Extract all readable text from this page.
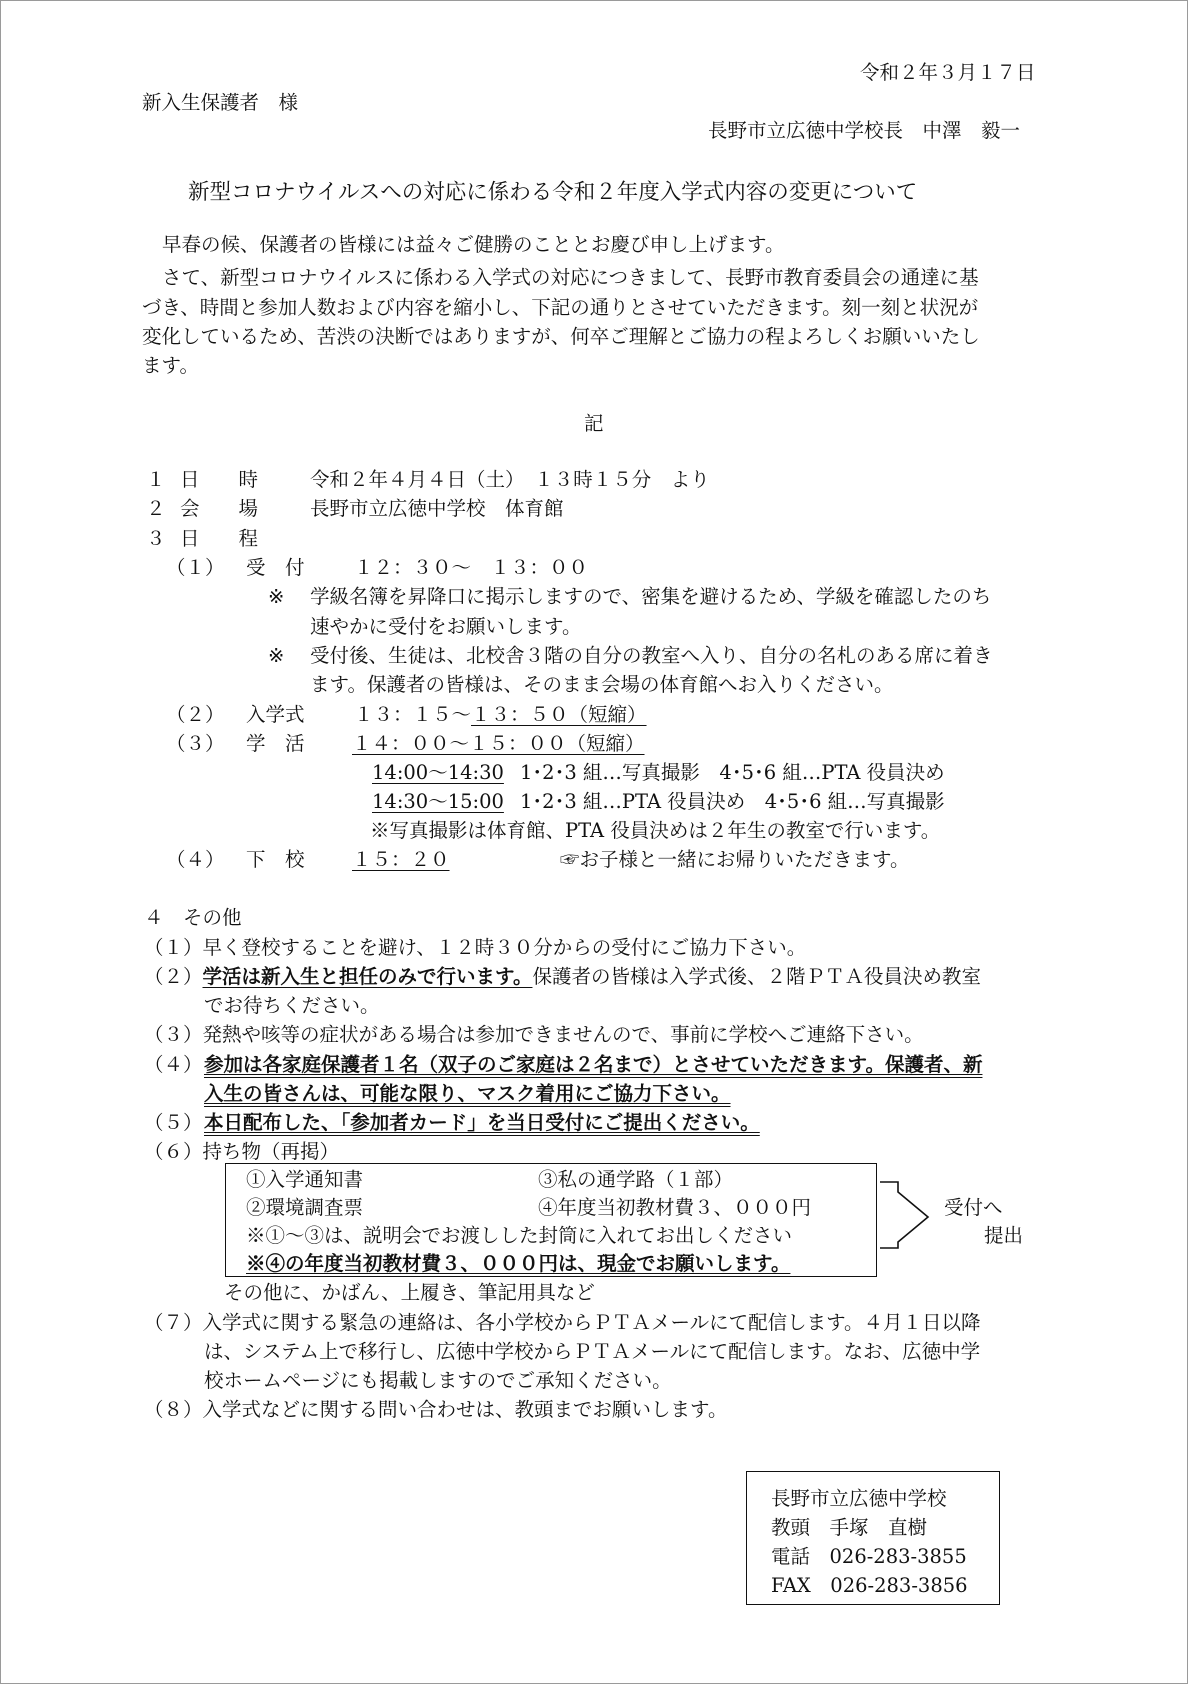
令和２年３月１７日
新入生保護者　様
長野市立広徳中学校長　中澤　毅一
新型コロナウイルスへの対応に係わる令和２年度入学式内容の変更について
早春の候、保護者の皆様には益々ご健勝のこととお慶び申し上げます。
さて、新型コロナウイルスに係わる入学式の対応につきまして、長野市教育委員会の通達に基
づき、時間と参加人数および内容を縮小し、下記の通りとさせていただきます。刻一刻と状況が
変化しているため、苦渋の決断ではありますが、何卒ご理解とご協力の程よろしくお願いいたし
ます。
記
１ 日　　時	令和２年４月４日（土）　１３時１５分　より
２ 会　　場	長野市立広徳中学校　体育館
３ 日　　程
（１） 受　付	１２：３０～　１３：００
※ 学級名簿を昇降口に掲示しますので、密集を避けるため、学級を確認したのち
速やかに受付をお願いします。
※ 受付後、生徒は、北校舎３階の自分の教室へ入り、自分の名札のある席に着き
ます。保護者の皆様は、そのまま会場の体育館へお入りください。
（２） 入学式	１３：１５～１３：５０（短縮）
（３） 学　活 １４：００～１５：００（短縮）
14:00～14:30 1･2･3 組…写真撮影　4･5･6 組…PTA 役員決め
14:30～15:00 1･2･3 組…PTA 役員決め　4･5･6 組…写真撮影
※写真撮影は体育館、PTA 役員決めは２年生の教室で行います。
（４） 下　校 １５：２０	☞お子様と一緒にお帰りいただきます。
４　その他
（１）早く登校することを避け、１２時３０分からの受付にご協力下さい。
（２）学活は新入生と担任のみで行います。保護者の皆様は入学式後、２階ＰＴＡ役員決め教室
でお待ちください。
（３）発熱や咳等の症状がある場合は参加できませんので、事前に学校へご連絡下さい。
（４） 参加は各家庭保護者１名（双子のご家庭は２名まで）とさせていただきます。保護者、新
入生の皆さんは、可能な限り、マスク着用にご協力下さい。
（５） 本日配布した、「参加者カード」を当日受付にご提出ください。
（６）持ち物（再掲）
①入学通知書	③私の通学路（１部）
②環境調査票	④年度当初教材費３、０００円
※①～③は、説明会でお渡しした封筒に入れてお出しください
※④の年度当初教材費３、０００円は、現金でお願いします。
受付へ
提出
その他に、かばん、上履き、筆記用具など
（７）入学式に関する緊急の連絡は、各小学校からＰＴＡメールにて配信します。４月１日以降
は、システム上で移行し、広徳中学校からＰＴＡメールにて配信します。なお、広徳中学
校ホームページにも掲載しますのでご承知ください。
（８）入学式などに関する問い合わせは、教頭までお願いします。
長野市立広徳中学校
教頭　手塚　直樹
電話　026-283-3855
FAX　026-283-3856
